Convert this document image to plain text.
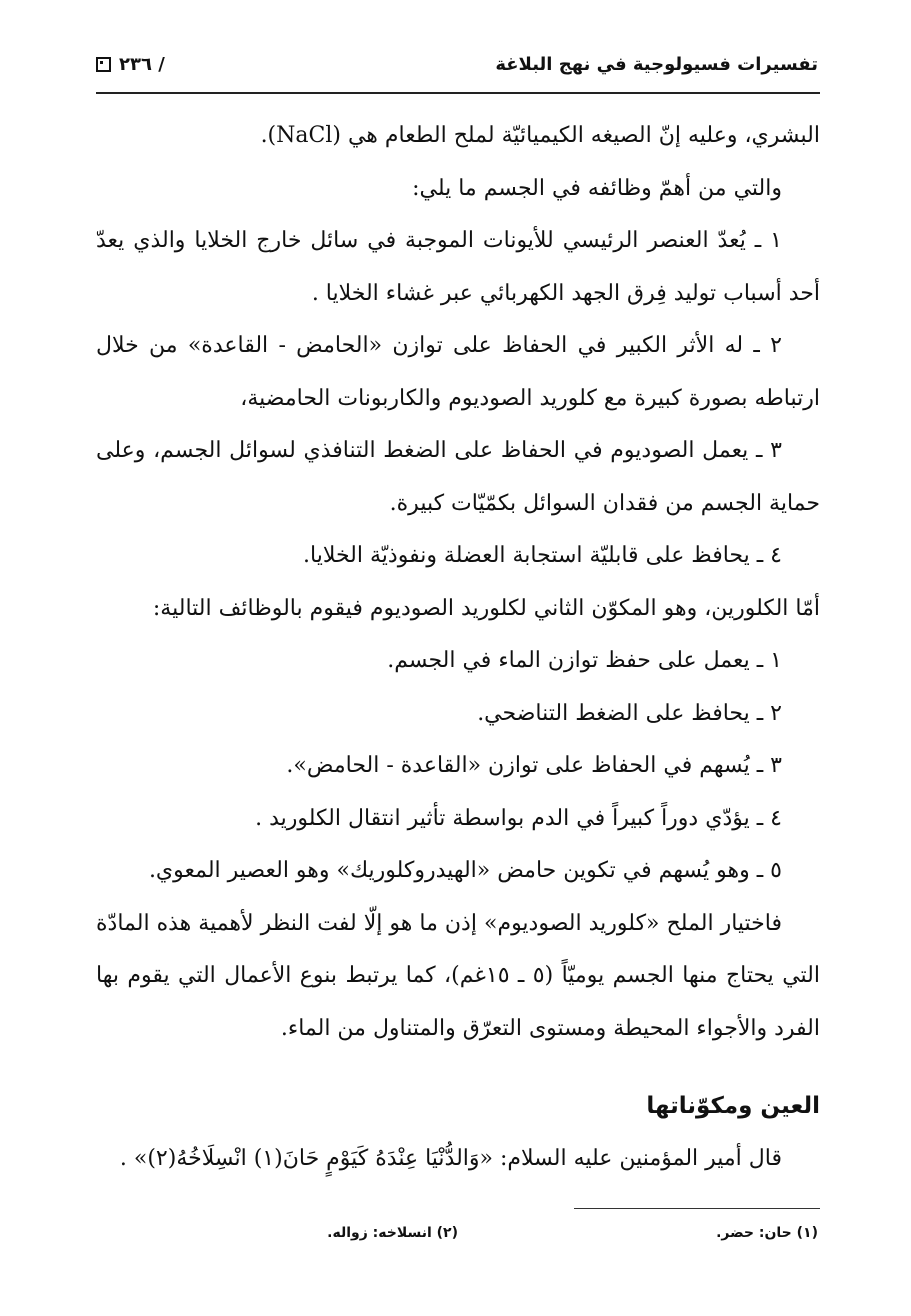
تفسيرات فسيولوجية في نهج البلاغة
٢٣٦ /

البشري، وعليه إنّ الصيغه الكيميائيّة لملح الطعام هي (NaCl).

والتي من أهمّ وظائفه في الجسم ما يلي:

١ ـ يُعدّ العنصر الرئيسي للأيونات الموجبة في سائل خارج الخلايا والذي يعدّ أحد أسباب توليد فِرق الجهد الكهربائي عبر غشاء الخلايا .

٢ ـ له الأثر الكبير في الحفاظ على توازن «الحامض - القاعدة» من خلال ارتباطه بصورة كبيرة مع كلوريد الصوديوم والكاربونات الحامضية،

٣ ـ يعمل الصوديوم في الحفاظ على الضغط التنافذي لسوائل الجسم، وعلى حماية الجسم من فقدان السوائل بكمّيّات كبيرة.

٤ ـ يحافظ على قابليّة استجابة العضلة ونفوذيّة الخلايا.

أمّا الكلورين، وهو المكوّن الثاني لكلوريد الصوديوم فيقوم بالوظائف التالية:

١ ـ يعمل على حفظ توازن الماء في الجسم.

٢ ـ يحافظ على الضغط التناضحي.

٣ ـ يُسهم في الحفاظ على توازن «القاعدة - الحامض».

٤ ـ يؤدّي دوراً كبيراً في الدم بواسطة تأثير انتقال الكلوريد .

٥ ـ وهو يُسهم في تكوين حامض «الهيدروكلوريك» وهو العصير المعوي.

فاختيار الملح «كلوريد الصوديوم» إذن ما هو إلّا لفت النظر لأهمية هذه المادّة التي يحتاج منها الجسم يوميّاً (٥ ـ ١٥غم)، كما يرتبط بنوع الأعمال التي يقوم بها الفرد والأجواء المحيطة ومستوى التعرّق والمتناول من الماء.

العين ومكوّناتها
قال أمير المؤمنين عليه السلام: «وَالدُّنْيَا عِنْدَهُ كَيَوْمٍ حَانَ(١) انْسِلَاخُهُ(٢)» .
(١) حان: حضر.
(٢) انسلاخه: زواله.
